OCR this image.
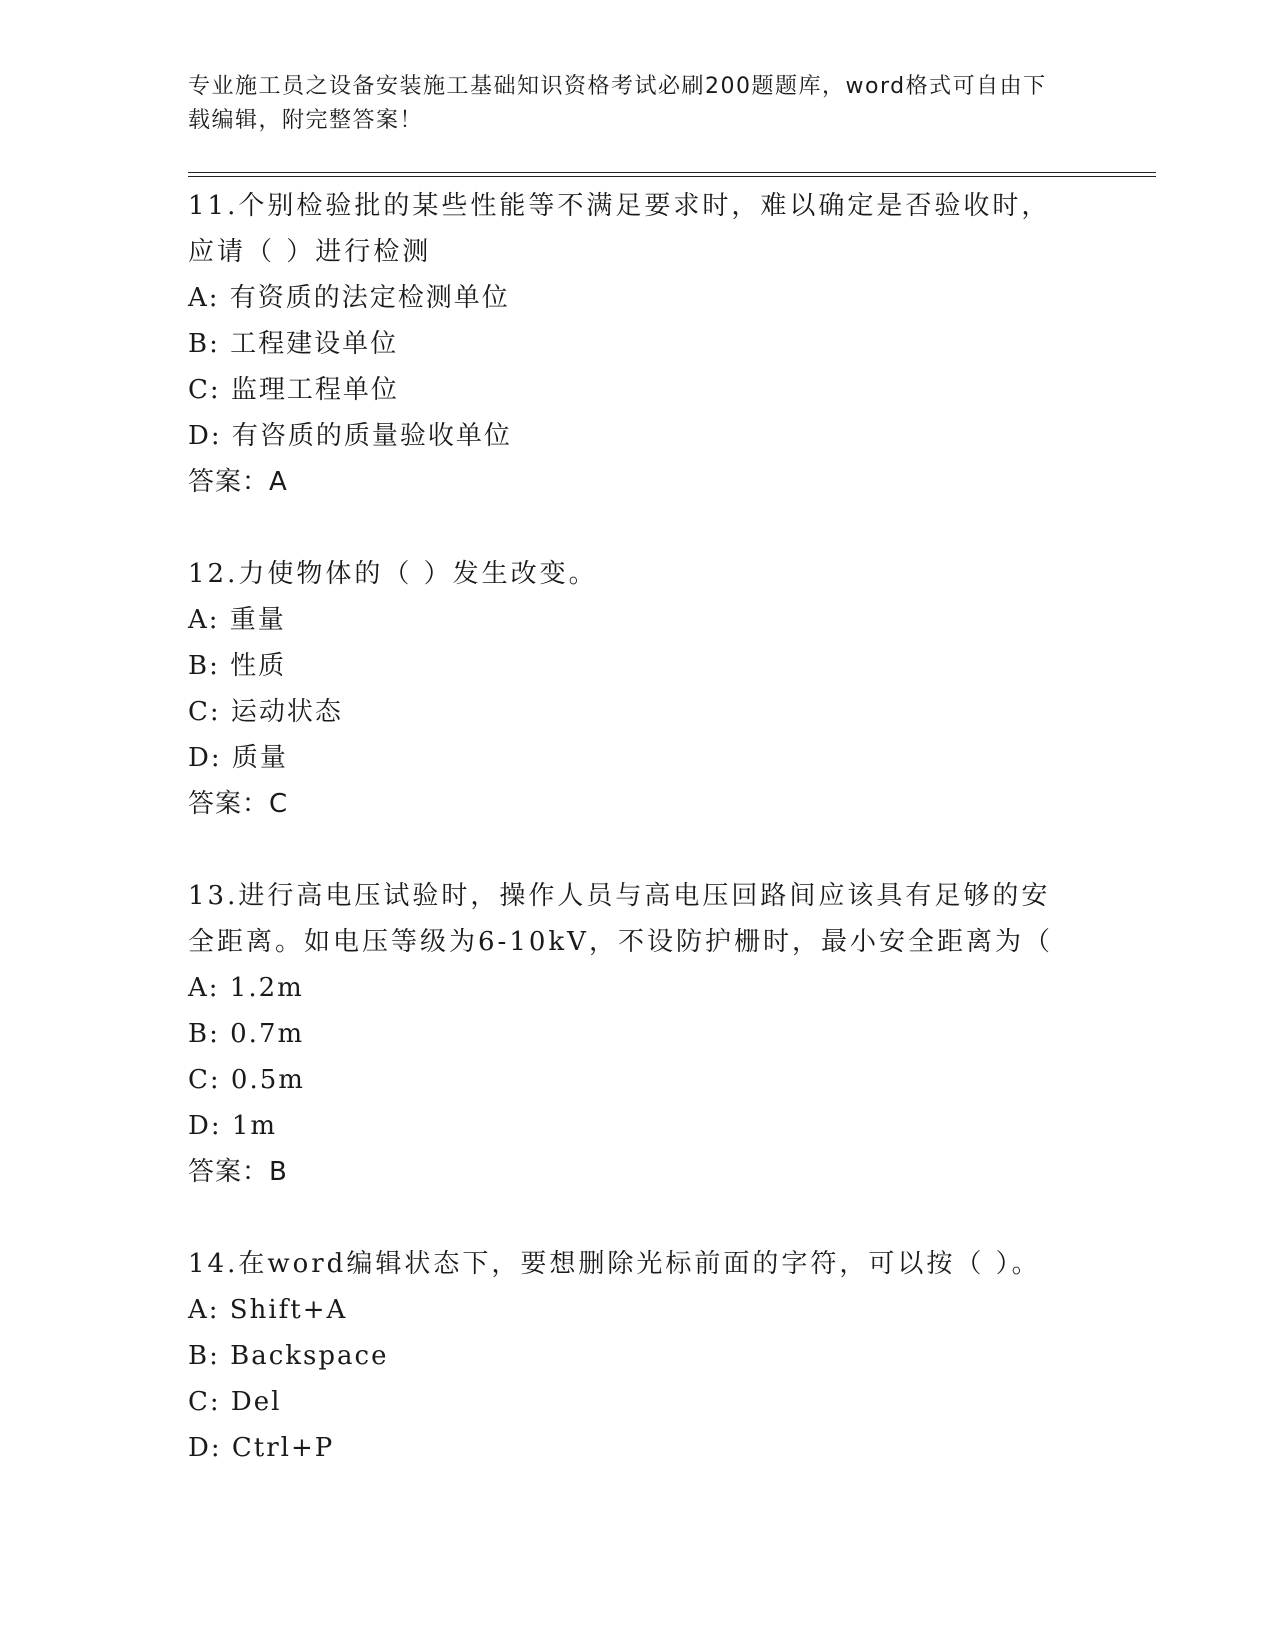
专业施工员之设备安装施工基础知识资格考试必刷200题题库，word格式可自由下载编辑，附完整答案！
11.个别检验批的某些性能等不满足要求时，难以确定是否验收时，应请（ ）进行检测
A: 有资质的法定检测单位
B: 工程建设单位
C: 监理工程单位
D: 有咨质的质量验收单位
答案：A
12.力使物体的（ ）发生改变。
A: 重量
B: 性质
C: 运动状态
D: 质量
答案：C
13.进行高电压试验时，操作人员与高电压回路间应该具有足够的安全距离。如电压等级为6-10kV，不设防护栅时，最小安全距离为（
A: 1.2m
B: 0.7m
C: 0.5m
D: 1m
答案：B
14.在word编辑状态下，要想删除光标前面的字符，可以按（ ）。
A: Shift+A
B: Backspace
C: Del
D: Ctrl+P
